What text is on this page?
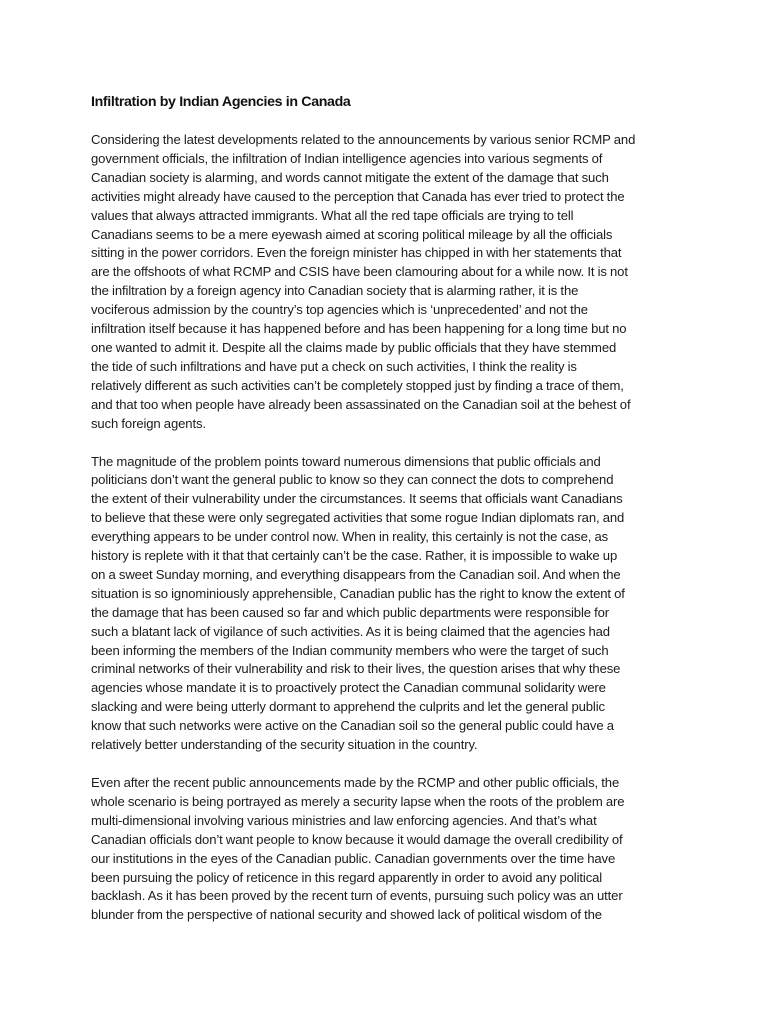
Infiltration by Indian Agencies in Canada
Considering the latest developments related to the announcements by various senior RCMP and
government officials, the infiltration of Indian intelligence agencies into various segments of
Canadian society is alarming, and words cannot mitigate the extent of the damage that such
activities might already have caused to the perception that Canada has ever tried to protect the
values that always attracted immigrants. What all the red tape officials are trying to tell
Canadians seems to be a mere eyewash aimed at scoring political mileage by all the officials
sitting in the power corridors. Even the foreign minister has chipped in with her statements that
are the offshoots of what RCMP and CSIS have been clamouring about for a while now. It is not
the infiltration by a foreign agency into Canadian society that is alarming rather, it is the
vociferous admission by the country’s top agencies which is ‘unprecedented’ and not the
infiltration itself because it has happened before and has been happening for a long time but no
one wanted to admit it. Despite all the claims made by public officials that they have stemmed
the tide of such infiltrations and have put a check on such activities, I think the reality is
relatively different as such activities can’t be completely stopped just by finding a trace of them,
and that too when people have already been assassinated on the Canadian soil at the behest of
such foreign agents.
The magnitude of the problem points toward numerous dimensions that public officials and
politicians don’t want the general public to know so they can connect the dots to comprehend
the extent of their vulnerability under the circumstances. It seems that officials want Canadians
to believe that these were only segregated activities that some rogue Indian diplomats ran, and
everything appears to be under control now. When in reality, this certainly is not the case, as
history is replete with it that that certainly can’t be the case. Rather, it is impossible to wake up
on a sweet Sunday morning, and everything disappears from the Canadian soil. And when the
situation is so ignominiously apprehensible, Canadian public has the right to know the extent of
the damage that has been caused so far and which public departments were responsible for
such a blatant lack of vigilance of such activities. As it is being claimed that the agencies had
been informing the members of the Indian community members who were the target of such
criminal networks of their vulnerability and risk to their lives, the question arises that why these
agencies whose mandate it is to proactively protect the Canadian communal solidarity were
slacking and were being utterly dormant to apprehend the culprits and let the general public
know that such networks were active on the Canadian soil so the general public could have a
relatively better understanding of the security situation in the country.
Even after the recent public announcements made by the RCMP and other public officials, the
whole scenario is being portrayed as merely a security lapse when the roots of the problem are
multi-dimensional involving various ministries and law enforcing agencies. And that’s what
Canadian officials don’t want people to know because it would damage the overall credibility of
our institutions in the eyes of the Canadian public. Canadian governments over the time have
been pursuing the policy of reticence in this regard apparently in order to avoid any political
backlash. As it has been proved by the recent turn of events, pursuing such policy was an utter
blunder from the perspective of national security and showed lack of political wisdom of the
